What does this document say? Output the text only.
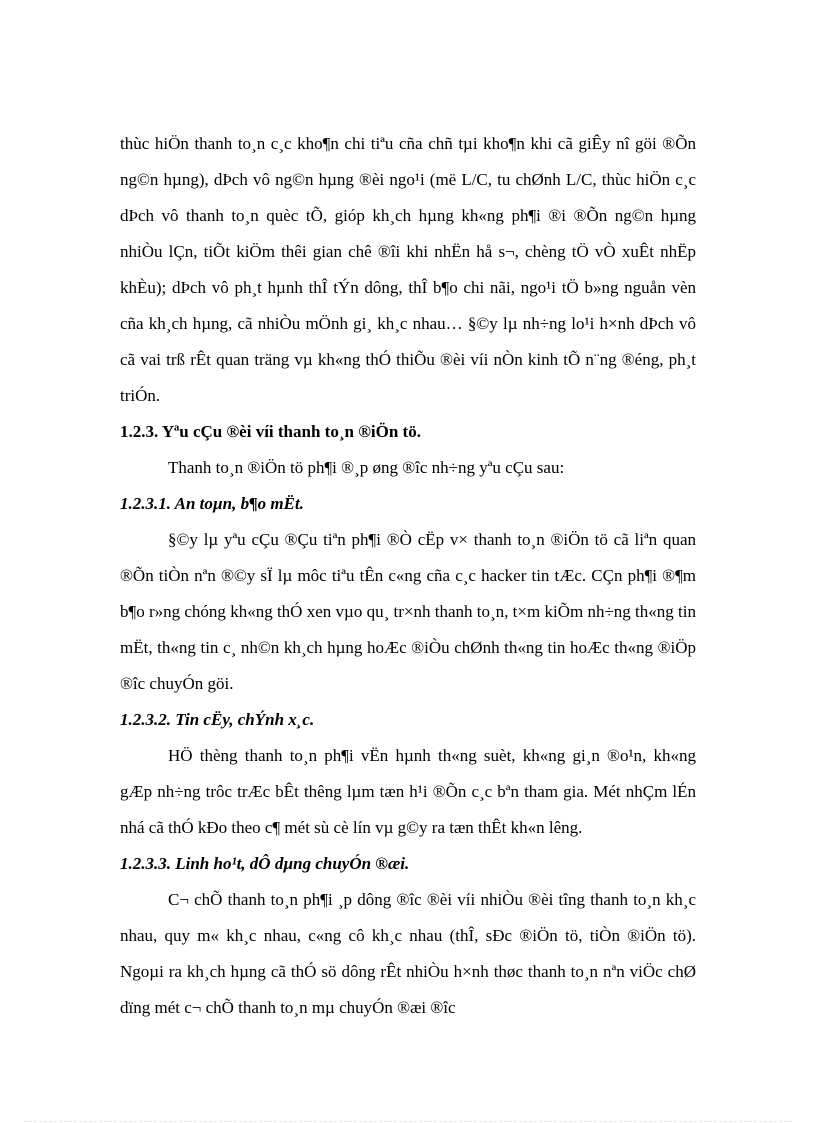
thùc hiÖn thanh to¸n c¸c kho¶n chi tiªu cña chñ tµi kho¶n khi cã giÊy nî göi ®Õn ng©n hµng), dÞch vô ng©n hµng ®èi ngo¹i (më L/C, tu chØnh L/C, thùc hiÖn c¸c dÞch vô thanh to¸n quèc tÕ, gióp kh¸ch hµng kh«ng ph¶i ®i ®Õn ng©n hµng nhiÒu lÇn, tiÕt kiÖm thêi gian chê ®îi khi nhËn hå s¬, chèng tÖ vÒ xuÊt nhËp khÈu); dÞch vô ph¸t hµnh thÎ tÝn dông, thÎ b¶o chi nãi, ngo¹i tÖ b»ng nguån vèn cña kh¸ch hµng, cã nhiÒu mÖnh gi¸ kh¸c nhau… §©y lµ nh÷ng lo¹i h×nh dÞch vô cã vai trß rÊt quan träng vµ kh«ng thÓ thiÕu ®èi víi nÒn kinh tÕ n¨ng ®éng, ph¸t triÓn.

1.2.3. Yªu cÇu ®èi víi thanh to¸n ®iÖn tö.

Thanh to¸n ®iÖn tö ph¶i ®¸p øng ®îc nh÷ng yªu cÇu sau:

1.2.3.1. An toµn, b¶o mËt.

§©y lµ yªu cÇu ®Çu tiªn ph¶i ®Ò cËp v× thanh to¸n ®iÖn tö cã liªn quan ®Õn tiÒn nªn ®©y sÏ lµ môc tiªu tÊn c«ng cña c¸c hacker tin tÆc. CÇn ph¶i ®¶m b¶o r»ng chóng kh«ng thÓ xen vµo qu¸ tr×nh thanh to¸n, t×m kiÕm nh÷ng th«ng tin mËt, th«ng tin c¸ nh©n kh¸ch hµng hoÆc ®iÒu chØnh th«ng tin hoÆc th«ng ®iÖp ®îc chuyÓn göi.

1.2.3.2. Tin cËy, chÝnh x¸c.

HÖ thèng thanh to¸n ph¶i vËn hµnh th«ng suèt, kh«ng gi¸n ®o¹n, kh«ng gÆp nh÷ng trôc trÆc bÊt thêng lµm tæn h¹i ®Õn c¸c bªn tham gia. Mét nhÇm lÉn nhá cã thÓ kÐo theo c¶ mét sù cè lín vµ g©y ra tæn thÊt kh«n lêng.

1.2.3.3. Linh ho¹t, dÔ dµng chuyÓn ®æi.

C¬ chÕ thanh to¸n ph¶i ¸p dông ®îc ®èi víi nhiÒu ®èi tîng thanh to¸n kh¸c nhau, quy m« kh¸c nhau, c«ng cô kh¸c nhau (thÎ, sÐc ®iÖn tö, tiÒn ®iÖn tö). Ngoµi ra kh¸ch hµng cã thÓ sö dông rÊt nhiÒu h×nh thøc thanh to¸n nªn viÖc chØ dïng mét c¬ chÕ thanh to¸n mµ chuyÓn ®æi ®îc
